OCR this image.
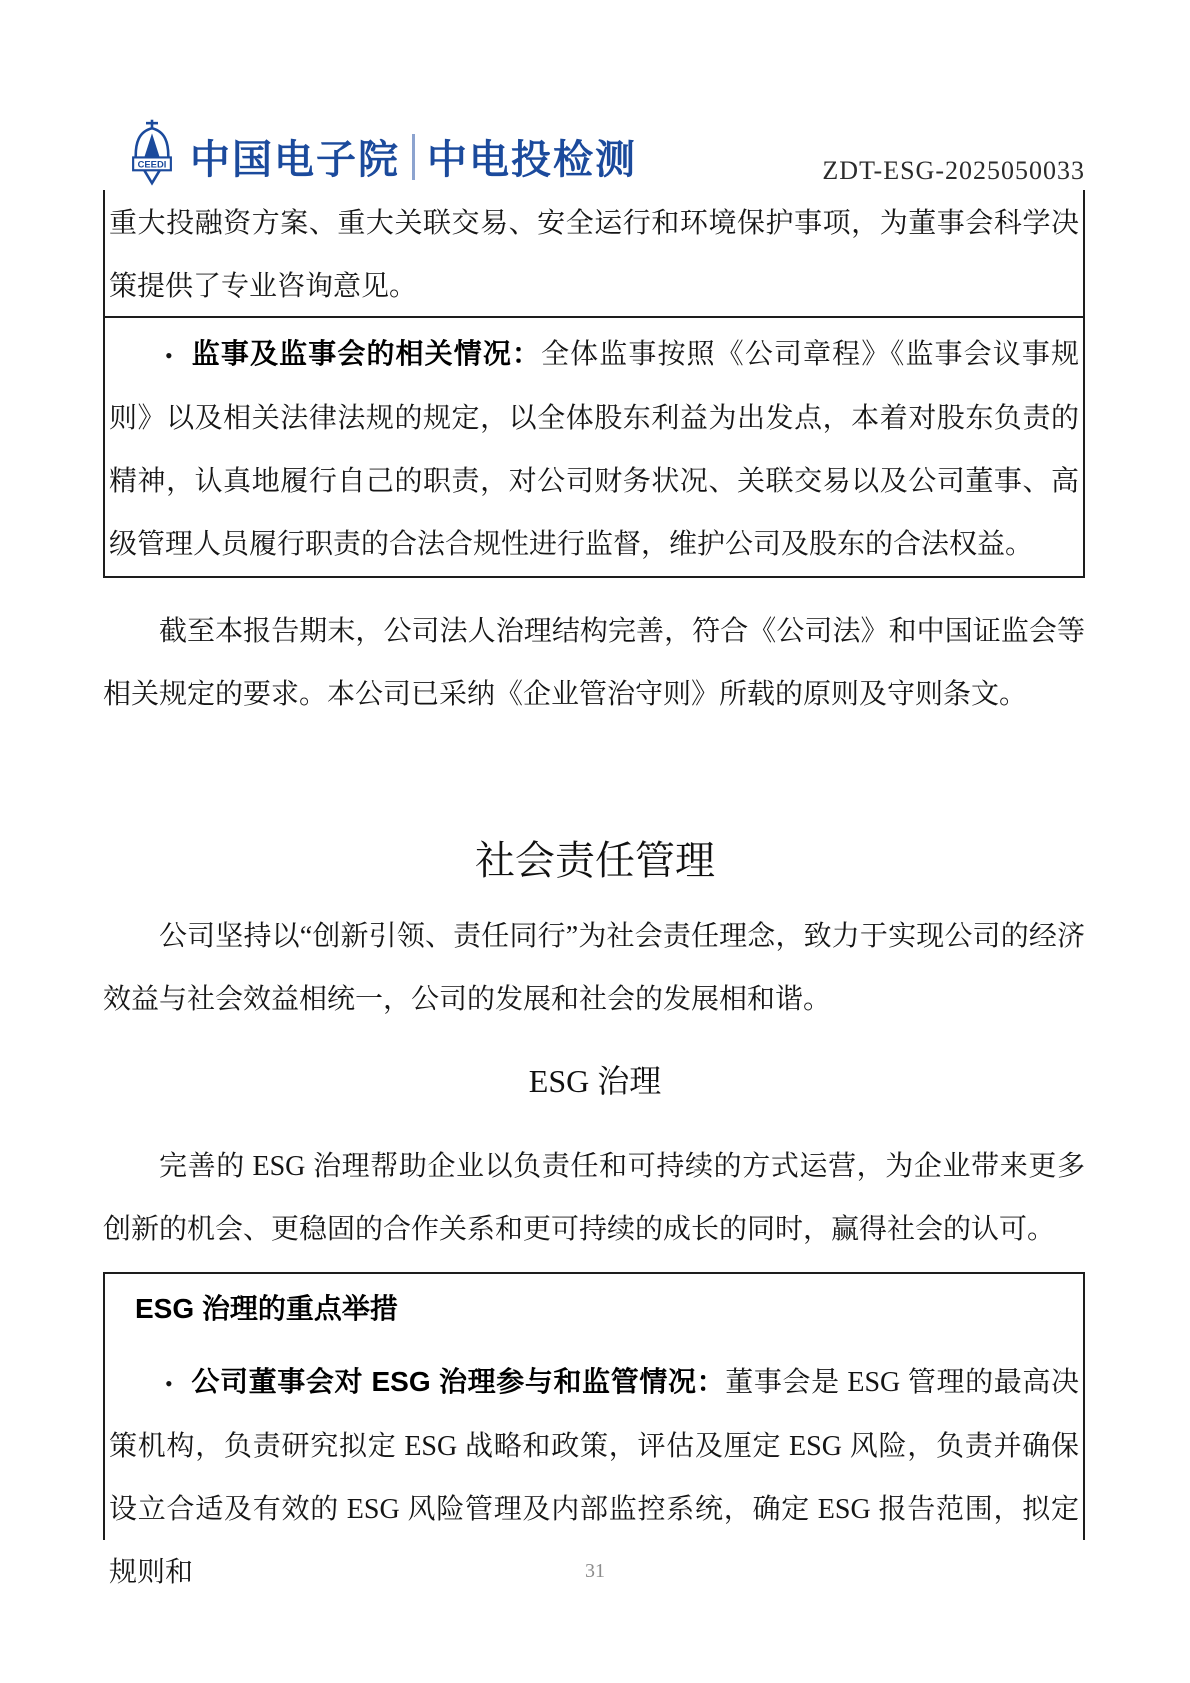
CEEDI 中国电子院 中电投检测	ZDT-ESG-2025050033

重大投融资方案、重大关联交易、安全运行和环境保护事项，为董事会科学决策提供了专业咨询意见。

• 监事及监事会的相关情况：全体监事按照《公司章程》《监事会议事规则》以及相关法律法规的规定，以全体股东利益为出发点，本着对股东负责的精神，认真地履行自己的职责，对公司财务状况、关联交易以及公司董事、高级管理人员履行职责的合法合规性进行监督，维护公司及股东的合法权益。

截至本报告期末，公司法人治理结构完善，符合《公司法》和中国证监会等相关规定的要求。本公司已采纳《企业管治守则》所载的原则及守则条文。

社会责任管理

公司坚持以“创新引领、责任同行”为社会责任理念，致力于实现公司的经济效益与社会效益相统一，公司的发展和社会的发展相和谐。

ESG 治理

完善的 ESG 治理帮助企业以负责任和可持续的方式运营，为企业带来更多创新的机会、更稳固的合作关系和更可持续的成长的同时，赢得社会的认可。

ESG 治理的重点举措

• 公司董事会对 ESG 治理参与和监管情况：董事会是 ESG 管理的最高决策机构，负责研究拟定 ESG 战略和政策，评估及厘定 ESG 风险，负责并确保设立合适及有效的 ESG 风险管理及内部监控系统，确定 ESG 报告范围，拟定规则和	31
